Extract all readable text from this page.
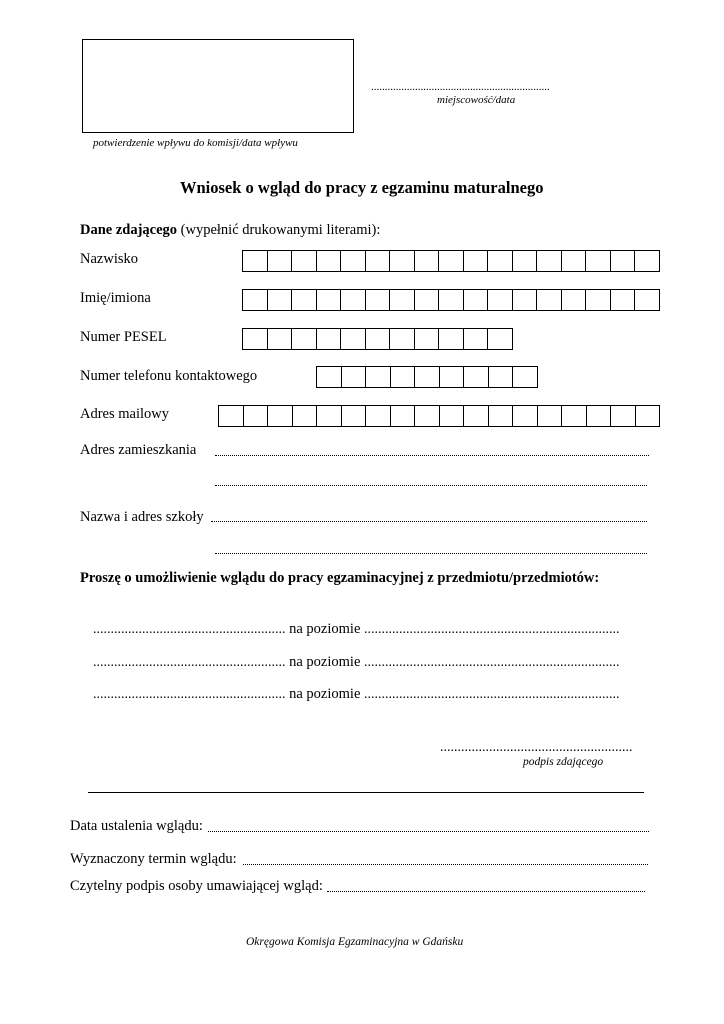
potwierdzenie wpływu do komisji/data wpływu
.................................................................
miejscowość/data
Wniosek o wgląd do pracy z egzaminu maturalnego
Dane zdającego (wypełnić drukowanymi literami):
Nazwisko
Imię/imiona
Numer PESEL
Numer telefonu kontaktowego
Adres mailowy
Adres zamieszkania
Nazwa i adres szkoły
Proszę o umożliwienie wglądu do pracy egzaminacyjnej z przedmiotu/przedmiotów:
....................................................... na poziomie .........................................................................
....................................................... na poziomie .........................................................................
....................................................... na poziomie .........................................................................
.......................................................
podpis zdającego
Data ustalenia wglądu:
Wyznaczony termin wglądu:
Czytelny podpis osoby umawiającej wgląd:
Okręgowa Komisja Egzaminacyjna w Gdańsku
